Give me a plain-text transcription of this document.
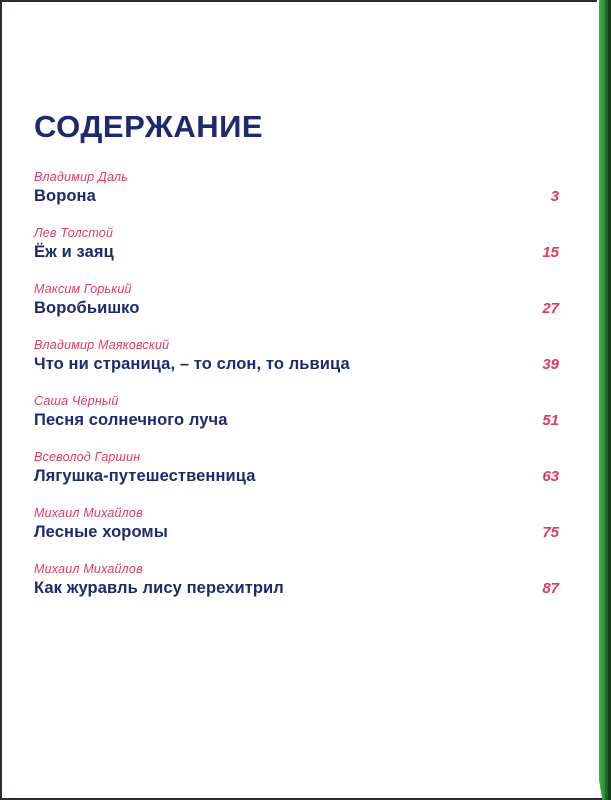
СОДЕРЖАНИЕ
Владимир Даль
Ворона	3
Лев Толстой
Ёж и заяц	15
Максим Горький
Воробьишко	27
Владимир Маяковский
Что ни страница, – то слон, то львица	39
Саша Чёрный
Песня солнечного луча	51
Всеволод Гаршин
Лягушка-путешественница	63
Михаил Михайлов
Лесные хоромы	75
Михаил Михайлов
Как журавль лису перехитрил	87
